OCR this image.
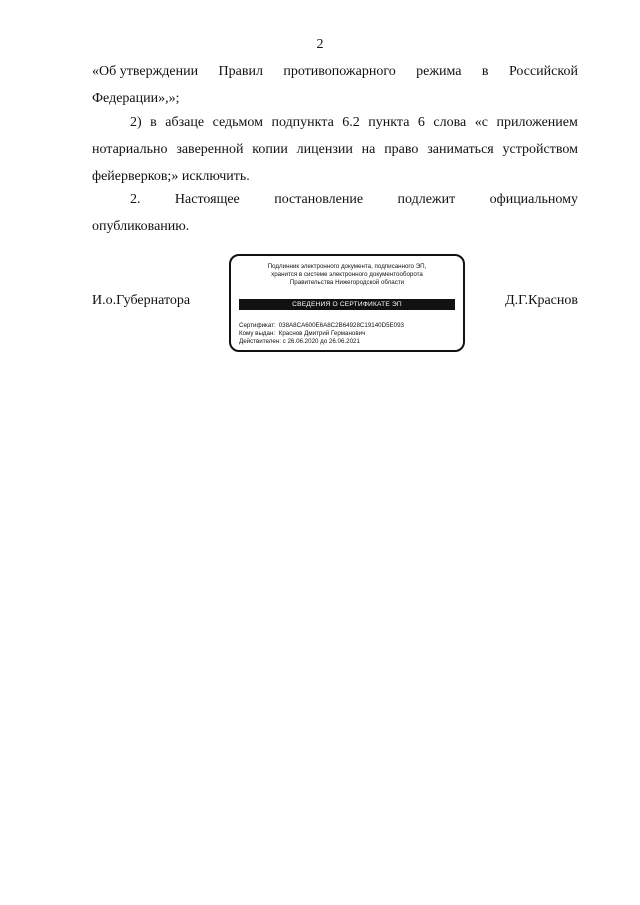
2
«Об утверждении Правил противопожарного режима в Российской
Федерации»,»;
2) в абзаце седьмом подпункта 6.2 пункта 6 слова «с приложением
нотариально заверенной копии лицензии на право заниматься устройством
фейерверков;» исключить.
2. Настоящее постановление подлежит официальному
опубликованию.
И.о.Губернатора	Д.Г.Краснов
Подлинник электронного документа, подписанного ЭП,
хранится в системе электронного документооборота
Правительства Нижегородской области
СВЕДЕНИЯ О СЕРТИФИКАТЕ ЭП
Сертификат: 038A8CA600E6A8C2B64928C19140D5E093
Кому выдан: Краснов Дмитрий Германович
Действителен: с 26.06.2020 до 26.06.2021
